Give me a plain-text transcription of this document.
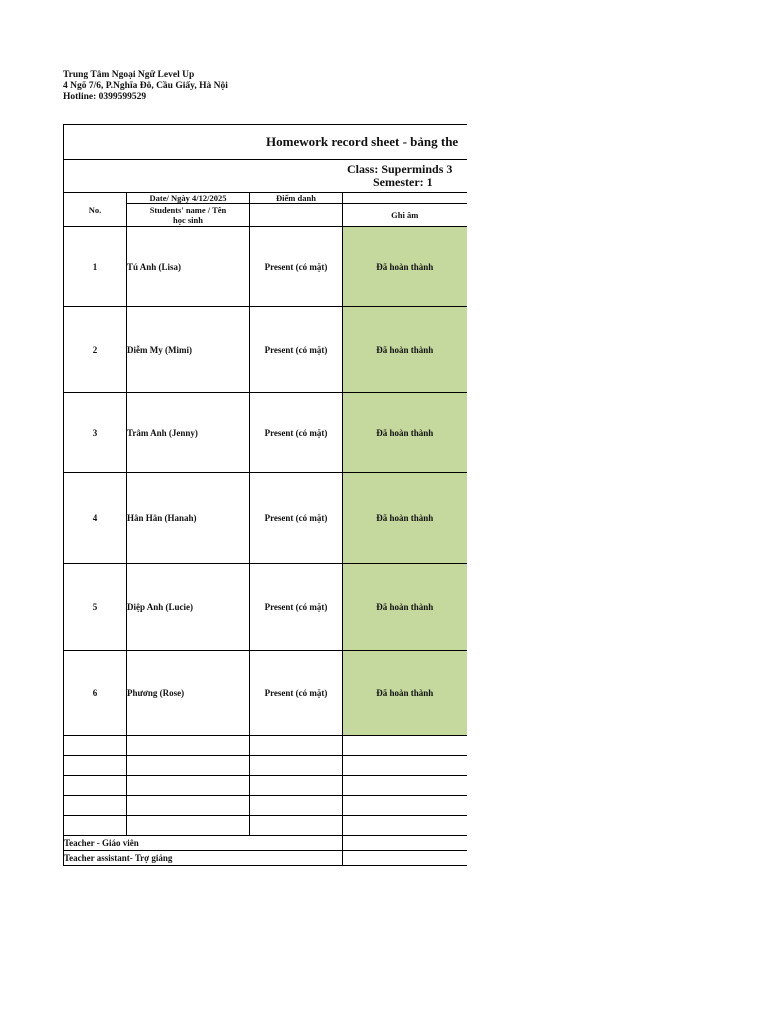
Trung Tâm Ngoại Ngữ Level Up
4 Ngõ 7/6, P.Nghĩa Đô, Cầu Giấy, Hà Nội
Hotline: 0399599529
Homework record sheet - bảng the			

Class: Superminds 3
Semester: 1			

No.	Date/ Ngày 4/12/2025	Điểm danh	
	Students' name / Tên học sinh		Ghi âm
1	Tú Anh (Lisa)	Present (có mặt)	Đã hoàn thành
2	Diễm My (Mimi)	Present (có mặt)	Đã hoàn thành
3	Trâm Anh (Jenny)	Present (có mặt)	Đã hoàn thành
4	Hân Hân (Hanah)	Present (có mặt)	Đã hoàn thành
5	Diệp Anh (Lucie)	Present (có mặt)	Đã hoàn thành
6	Phương (Rose)	Present (có mặt)	Đã hoàn thành

Teacher - Giáo viên			
Teacher assistant- Trợ giảng			
